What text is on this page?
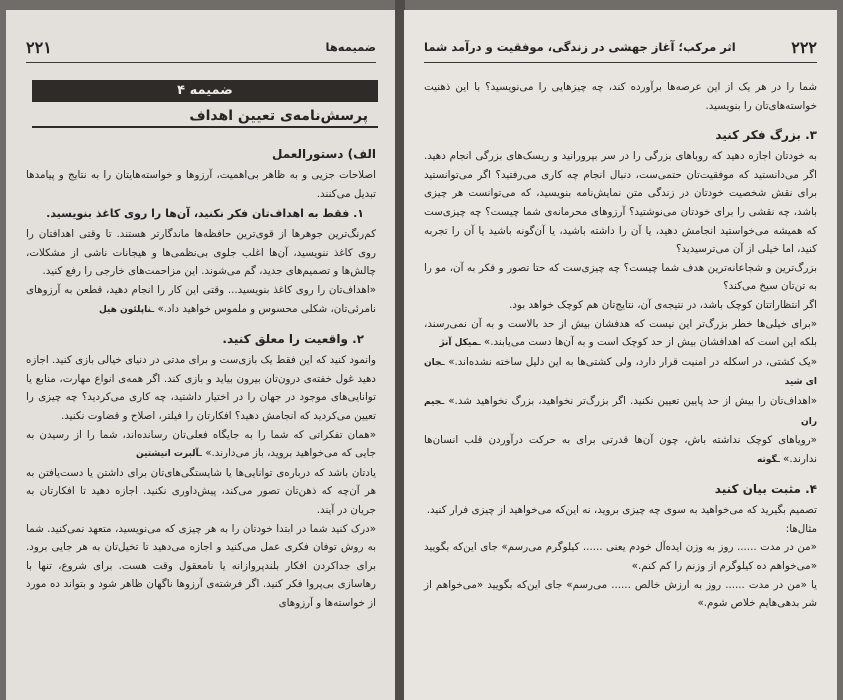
۲۲۱	ضمیمه‌ها
ضمیمه ۴
پرسش‌نامه‌ی تعیین اهداف

الف) دستورالعمل

اصلاحات جزیی و به ظاهر بی‌اهمیت، آرزوها و خواسته‌هایتان را به نتایج و پیامدها تبدیل می‌کنند.

۱. فقط به اهداف‌تان فکر نکنید، آن‌ها را روی کاغذ بنویسید.

کم‌رنگ‌ترین جوهرها از قوی‌ترین حافظه‌ها ماندگارتر هستند. تا وقتی اهدافتان را روی کاغذ ننویسید، آن‌ها اغلب جلوی بی‌نظمی‌ها و هیجانات ناشی از مشکلات، چالش‌ها و تصمیم‌های جدید، گم می‌شوند. این مزاحمت‌های خارجی را رفع کنید.

«اهداف‌تان را روی کاغذ بنویسید... وقتی این کار را انجام دهید، قطعن به آرزوهای نامرئی‌تان، شکلی محسوس و ملموس خواهید داد.» ـناپلئون هیل

۲. واقعیت را معلق کنید.

وانمود کنید که این فقط یک بازی‌ست و برای مدتی در دنیای خیالی بازی کنید. اجازه دهید غول خفته‌ی درون‌تان بیرون بیاید و بازی کند. اگر همه‌ی انواع مهارت، منابع یا توانایی‌های موجود در جهان را در اختیار داشتید، چه کاری می‌کردید؟ چه چیزی را تعیین می‌کردید که انجامش دهید؟ افکارتان را فیلتر، اصلاح و قضاوت نکنید.

«همان تفکراتی که شما را به جایگاه فعلی‌تان رسانده‌اند، شما را از رسیدن به جایی که می‌خواهید بروید، باز می‌دارند.» ـآلبرت انیشتین

یادتان باشد که درباره‌ی توانایی‌ها یا شایستگی‌های‌تان برای داشتن یا دست‌یافتن به هر آن‌چه که ذهن‌تان تصور می‌کند، پیش‌داوری نکنید. اجازه دهید تا افکارتان به جریان در آیند.

«درک کنید شما در ابتدا خودتان را به هر چیزی که می‌نویسید، متعهد نمی‌کنید. شما به روش توفان فکری عمل می‌کنید و اجازه می‌دهید تا تخیل‌تان به هر جایی برود. برای جداکردن افکار بلندپروازانه یا نامعقول وقت هست. برای شروع، تنها با رهاسازی بی‌پروا فکر کنید. اگر فرشته‌ی آرزوها ناگهان ظاهر شود و بتواند ده مورد از خواسته‌ها و آرزوهای

۲۲۲
اثر مرکب؛ آغاز جهشی در زندگی، موفقیت و درآمد شما

شما را در هر یک از این عرصه‌ها برآورده کند، چه چیزهایی را می‌نویسید؟ با این ذهنیت خواسته‌های‌تان را بنویسید.

۳. بزرگ فکر کنید

به خودتان اجازه دهید که روباهای بزرگی را در سر بپرورانید و ریسک‌های بزرگی انجام دهید. اگر می‌دانستید که موفقیت‌تان حتمی‌ست، دنبال انجام چه کاری می‌رفتید؟ اگر می‌توانستید برای نقش شخصیت خودتان در زندگی متن نمایش‌نامه بنویسید، که می‌توانست هر چیزی باشد، چه نقشی را برای خودتان می‌نوشتید؟ آرزوهای محرمانه‌ی شما چیست؟ چه چیزی‌ست که همیشه می‌خواستید انجامش دهید، یا آن را داشته باشید، یا آن‌گونه باشید یا آن را تجربه کنید، اما خیلی از آن می‌ترسیدید؟

بزرگ‌ترین و شجاعانه‌ترین هدف شما چیست؟ چه چیزی‌ست که حتا تصور و فکر به آن، مو را به تن‌تان سیخ می‌کند؟

اگر انتظاراتتان کوچک باشد، در نتیجه‌ی آن، نتایج‌تان هم کوچک خواهد بود.

«برای خیلی‌ها خطر بزرگ‌تر این نیست که هدفشان بیش از حد بالاست و به آن نمی‌رسند، بلکه این است که اهدافشان بیش از حد کوچک است و به آن‌ها دست می‌یابند.» ـمیکل آنژ

«یک کشتی، در اسکله در امنیت قرار دارد، ولی کشتی‌ها به این دلیل ساخته نشده‌اند.» ـجان ای شید

«اهداف‌تان را بیش از حد پایین تعیین نکنید. اگر بزرگ‌تر نخواهید، بزرگ نخواهید شد.» ـجیم ران

«رویاهای کوچک نداشته باش، چون آن‌ها قدرتی برای به حرکت درآوردن قلب انسان‌ها ندارند.» ـگوته

۴. مثبت بیان کنید

تصمیم بگیرید که می‌خواهید به سوی چه چیزی بروید، نه این‌که می‌خواهید از چیزی فرار کنید.

مثال‌ها:

«من در مدت ...... روز به وزن ایده‌آل خودم یعنی ...... کیلوگرم می‌رسم» جای این‌که بگویید «می‌خواهم ده کیلوگرم از وزنم را کم کنم.»

یا «من در مدت ...... روز به ارزش خالص ...... می‌رسم» جای این‌که بگویید «می‌خواهم از شر بدهی‌هایم خلاص شوم.»
